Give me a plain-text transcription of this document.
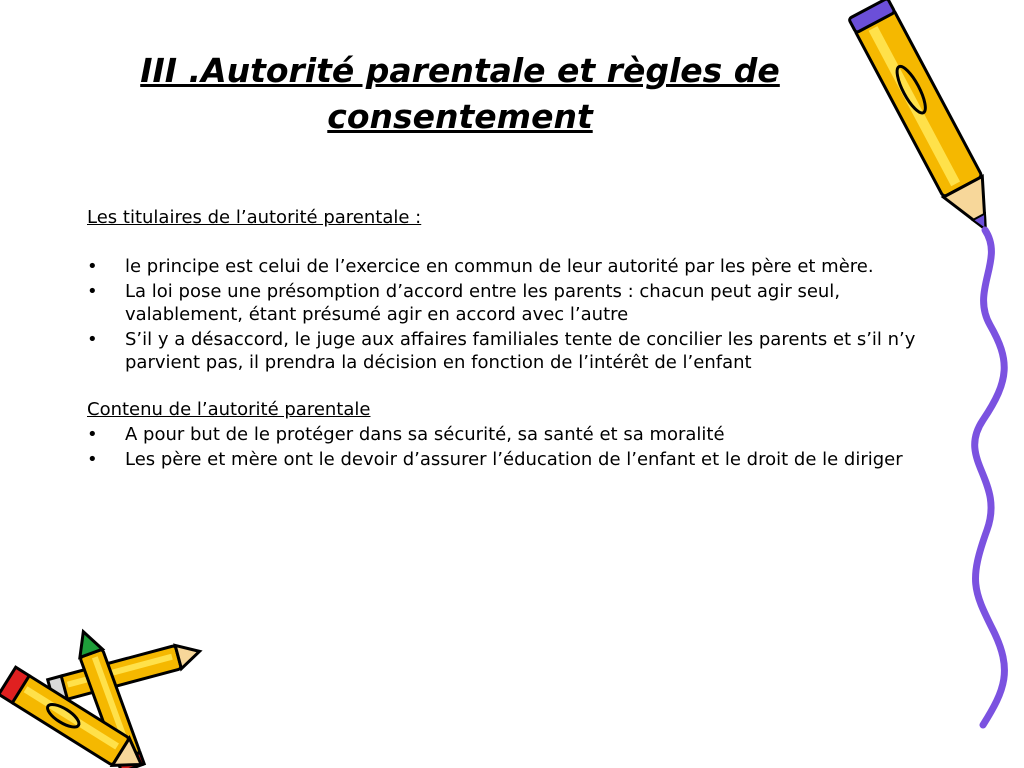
III .Autorité parentale et règles de consentement

Les titulaires de l’autorité parentale :

• le principe est celui de l’exercice en commun de leur autorité par les père et mère.
• La loi pose une présomption d’accord entre les parents : chacun peut agir seul, valablement, étant présumé agir en accord avec l’autre
• S’il y a désaccord, le juge aux affaires familiales tente de concilier les parents et s’il n’y parvient pas, il prendra la décision en fonction de l’intérêt de l’enfant

Contenu de l’autorité parentale

• A pour but de le protéger dans sa sécurité, sa santé et sa moralité
• Les père et mère ont le devoir d’assurer l’éducation de l’enfant et le droit de le diriger
